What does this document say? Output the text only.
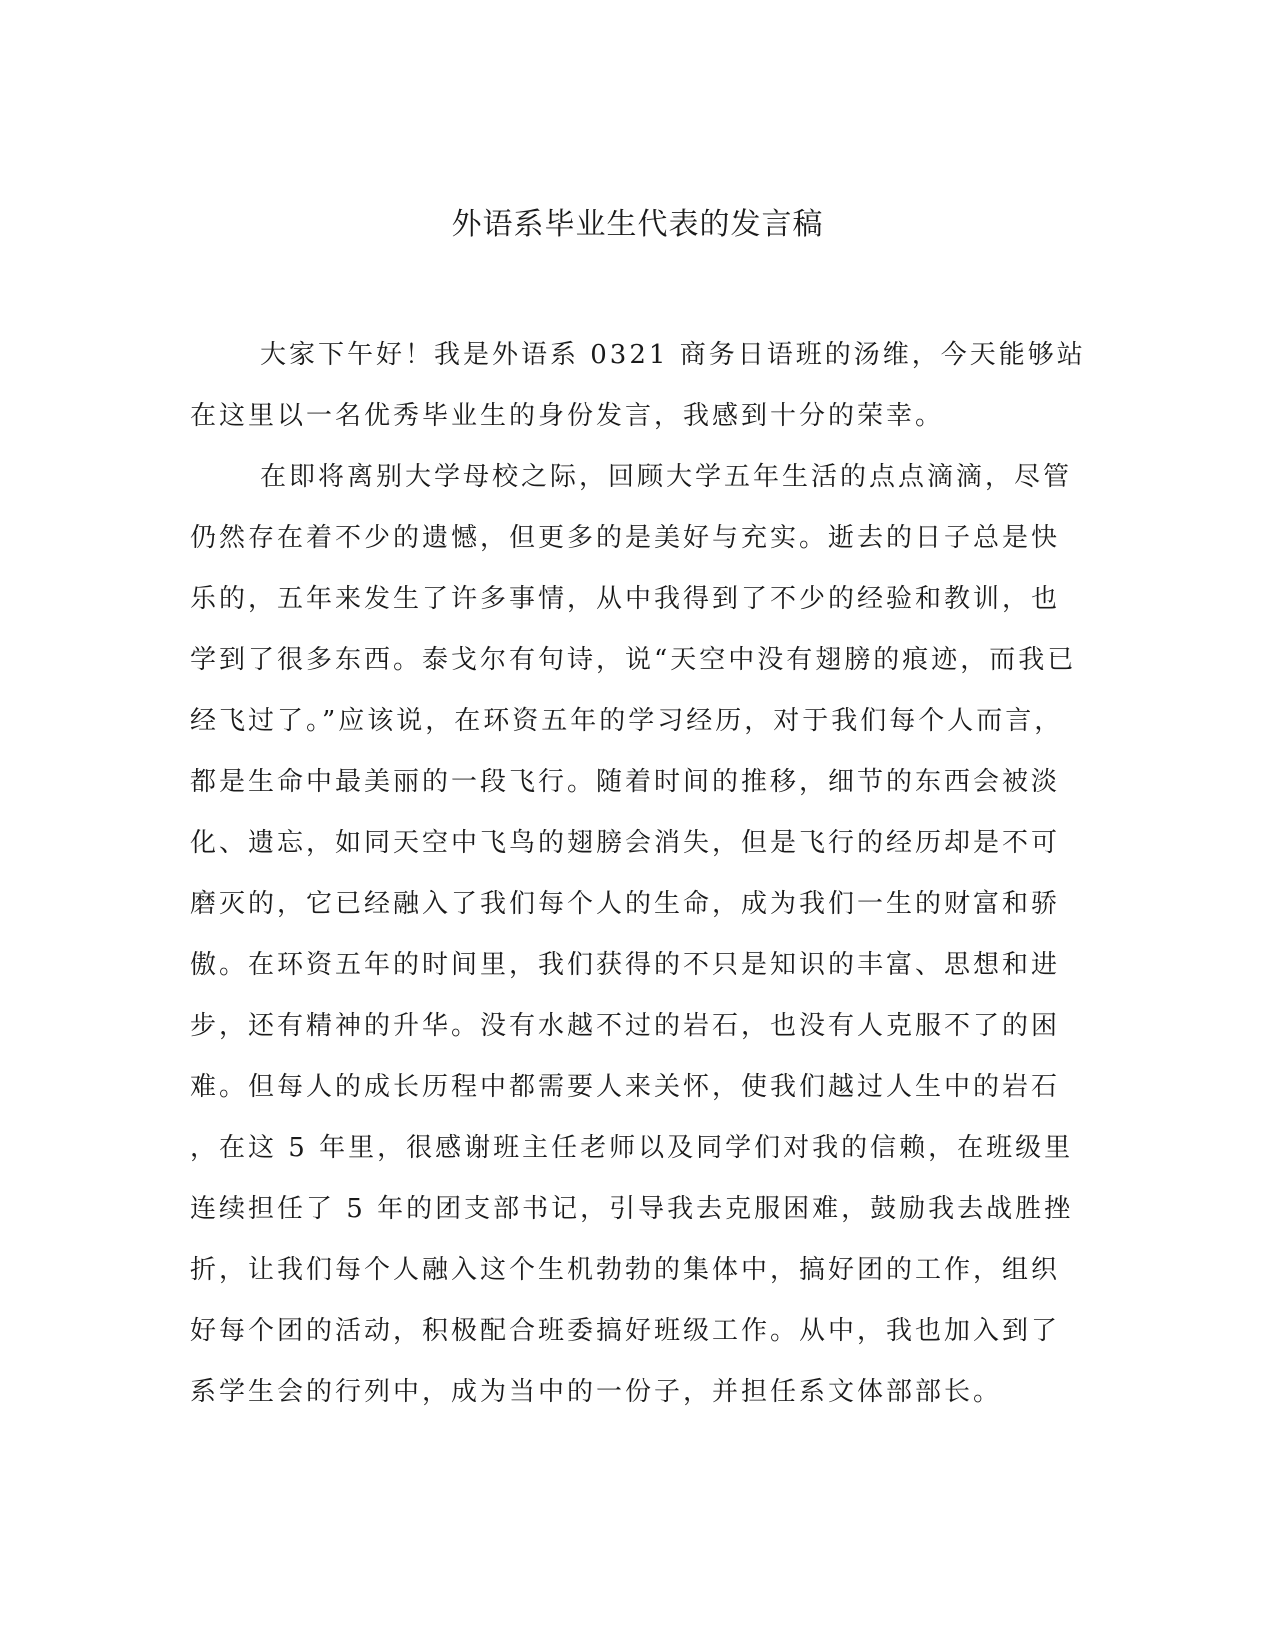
外语系毕业生代表的发言稿

大家下午好！我是外语系 0321 商务日语班的汤维，今天能够站
在这里以一名优秀毕业生的身份发言，我感到十分的荣幸。

在即将离别大学母校之际，回顾大学五年生活的点点滴滴，尽管
仍然存在着不少的遗憾，但更多的是美好与充实。逝去的日子总是快
乐的，五年来发生了许多事情，从中我得到了不少的经验和教训，也
学到了很多东西。泰戈尔有句诗，说“天空中没有翅膀的痕迹，而我已
经飞过了。”应该说，在环资五年的学习经历，对于我们每个人而言，
都是生命中最美丽的一段飞行。随着时间的推移，细节的东西会被淡
化、遗忘，如同天空中飞鸟的翅膀会消失，但是飞行的经历却是不可
磨灭的，它已经融入了我们每个人的生命，成为我们一生的财富和骄
傲。在环资五年的时间里，我们获得的不只是知识的丰富、思想和进
步，还有精神的升华。没有水越不过的岩石，也没有人克服不了的困
难。但每人的成长历程中都需要人来关怀，使我们越过人生中的岩石
，在这 5 年里，很感谢班主任老师以及同学们对我的信赖，在班级里
连续担任了 5 年的团支部书记，引导我去克服困难，鼓励我去战胜挫
折，让我们每个人融入这个生机勃勃的集体中，搞好团的工作，组织
好每个团的活动，积极配合班委搞好班级工作。从中，我也加入到了
系学生会的行列中，成为当中的一份子，并担任系文体部部长。
